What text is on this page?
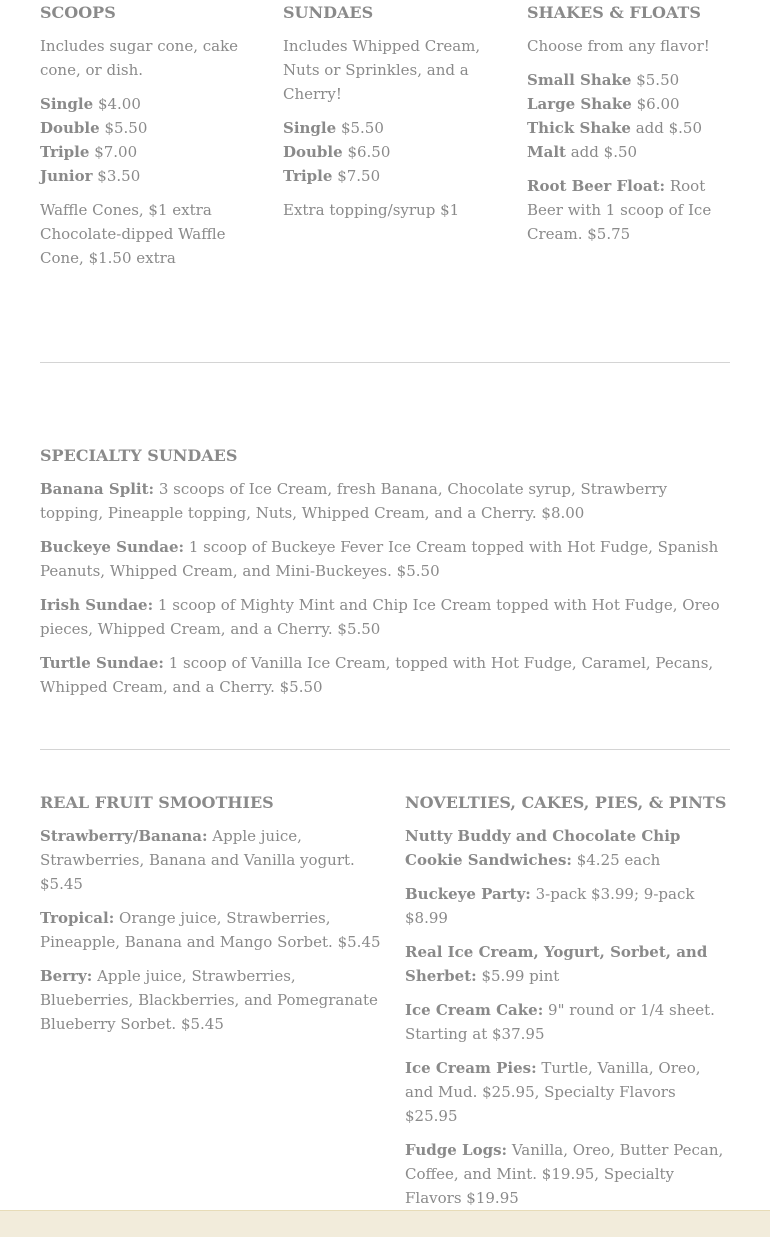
SCOOPS

Includes sugar cone, cake cone, or dish.

Single $4.00

Double $5.50

Triple $7.00

Junior $3.50

Waffle Cones, $1 extra Chocolate-dipped Waffle Cone, $1.50 extra

SUNDAES

Includes Whipped Cream, Nuts or Sprinkles, and a Cherry!

Single $5.50

Double $6.50

Triple $7.50

Extra topping/syrup $1

SHAKES & FLOATS

Choose from any flavor!

Small Shake $5.50

Large Shake $6.00

Thick Shake add $.50

Malt add $.50

Root Beer Float: Root Beer with 1 scoop of Ice Cream. $5.75

SPECIALTY SUNDAES

Banana Split: 3 scoops of Ice Cream, fresh Banana, Chocolate syrup, Strawberry topping, Pineapple topping, Nuts, Whipped Cream, and a Cherry. $8.00

Buckeye Sundae: 1 scoop of Buckeye Fever Ice Cream topped with Hot Fudge, Spanish Peanuts, Whipped Cream, and Mini-Buckeyes. $5.50

Irish Sundae: 1 scoop of Mighty Mint and Chip Ice Cream topped with Hot Fudge, Oreo pieces, Whipped Cream, and a Cherry. $5.50

Turtle Sundae: 1 scoop of Vanilla Ice Cream, topped with Hot Fudge, Caramel, Pecans, Whipped Cream, and a Cherry. $5.50

REAL FRUIT SMOOTHIES

Strawberry/Banana: Apple juice, Strawberries, Banana and Vanilla yogurt. $5.45

Tropical: Orange juice, Strawberries, Pineapple, Banana and Mango Sorbet. $5.45

Berry: Apple juice, Strawberries, Blueberries, Blackberries, and Pomegranate Blueberry Sorbet. $5.45

NOVELTIES, CAKES, PIES, & PINTS

Nutty Buddy and Chocolate Chip Cookie Sandwiches: $4.25 each

Buckeye Party: 3-pack $3.99; 9-pack $8.99

Real Ice Cream, Yogurt, Sorbet, and Sherbet: $5.99 pint

Ice Cream Cake: 9" round or 1/4 sheet. Starting at $37.95

Ice Cream Pies: Turtle, Vanilla, Oreo, and Mud. $25.95, Specialty Flavors $25.95

Fudge Logs: Vanilla, Oreo, Butter Pecan, Coffee, and Mint. $19.95, Specialty Flavors $19.95
